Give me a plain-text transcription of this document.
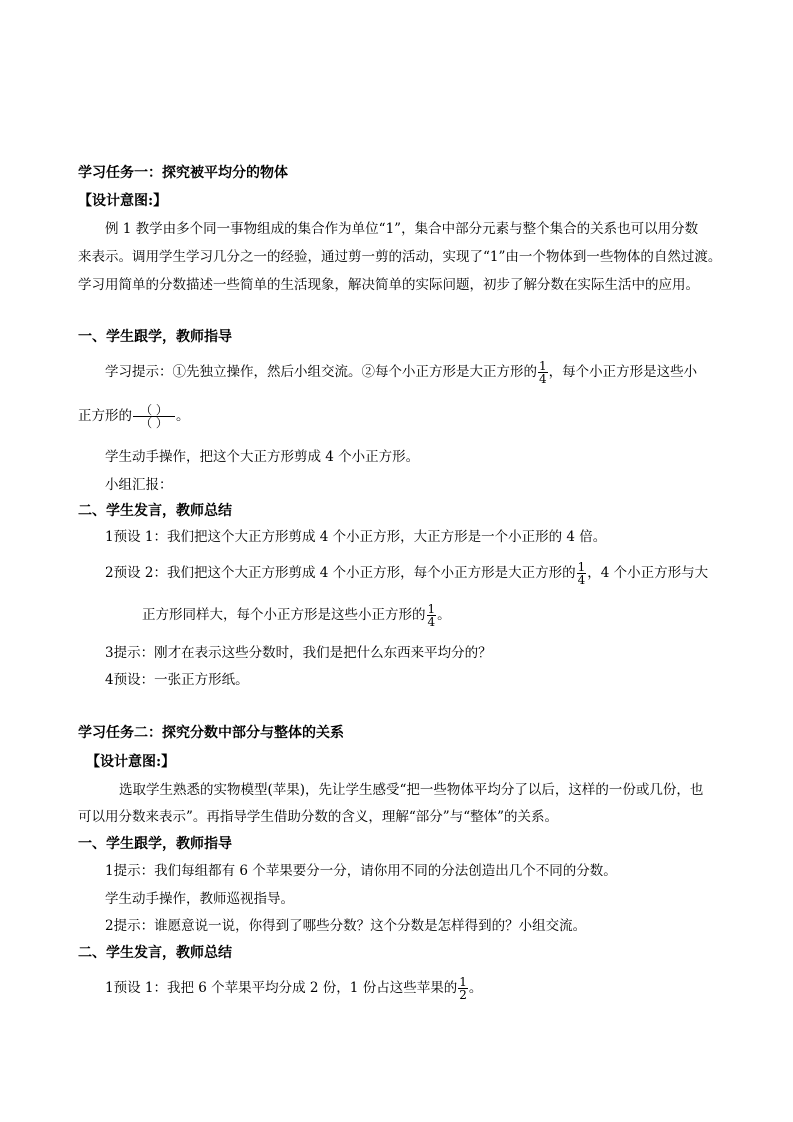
学习任务一：探究被平均分的物体
【设计意图:】
例 1 教学由多个同一事物组成的集合作为单位“1”，集合中部分元素与整个集合的关系也可以用分数
来表示。调用学生学习几分之一的经验，通过剪一剪的活动，实现了“1”由一个物体到一些物体的自然过渡。
学习用简单的分数描述一些简单的生活现象，解决简单的实际问题，初步了解分数在实际生活中的应用。
一、学生跟学，教师指导
学习提示：①先独立操作，然后小组交流。②每个小正方形是大正方形的 $\frac{1}{4}$ ，每个小正方形是这些小
正方形的 $\frac{( )}{( )}$ 。
学生动手操作，把这个大正方形剪成 4 个小正方形。
小组汇报：
二、学生发言，教师总结
1预设 1：我们把这个大正方形剪成 4 个小正方形，大正方形是一个小正形的 4 倍。
2预设 2：我们把这个大正方形剪成 4 个小正方形，每个小正方形是大正方形的 $\frac{1}{4}$ ，4 个小正方形与大
正方形同样大，每个小正方形是这些小正方形的 $\frac{1}{4}$ 。
3提示：刚才在表示这些分数时，我们是把什么东西来平均分的？
4预设：一张正方形纸。
学习任务二：探究分数中部分与整体的关系
【设计意图:】
选取学生熟悉的实物模型(苹果)，先让学生感受“把一些物体平均分了以后，这样的一份或几份，也
可以用分数来表示”。再指导学生借助分数的含义，理解“部分”与“整体”的关系。
一、学生跟学，教师指导
1提示：我们每组都有 6 个苹果要分一分，请你用不同的分法创造出几个不同的分数。
学生动手操作，教师巡视指导。
2提示：谁愿意说一说，你得到了哪些分数？这个分数是怎样得到的？小组交流。
二、学生发言，教师总结
1预设 1：我把 6 个苹果平均分成 2 份，1 份占这些苹果的 $\frac{1}{2}$ 。
